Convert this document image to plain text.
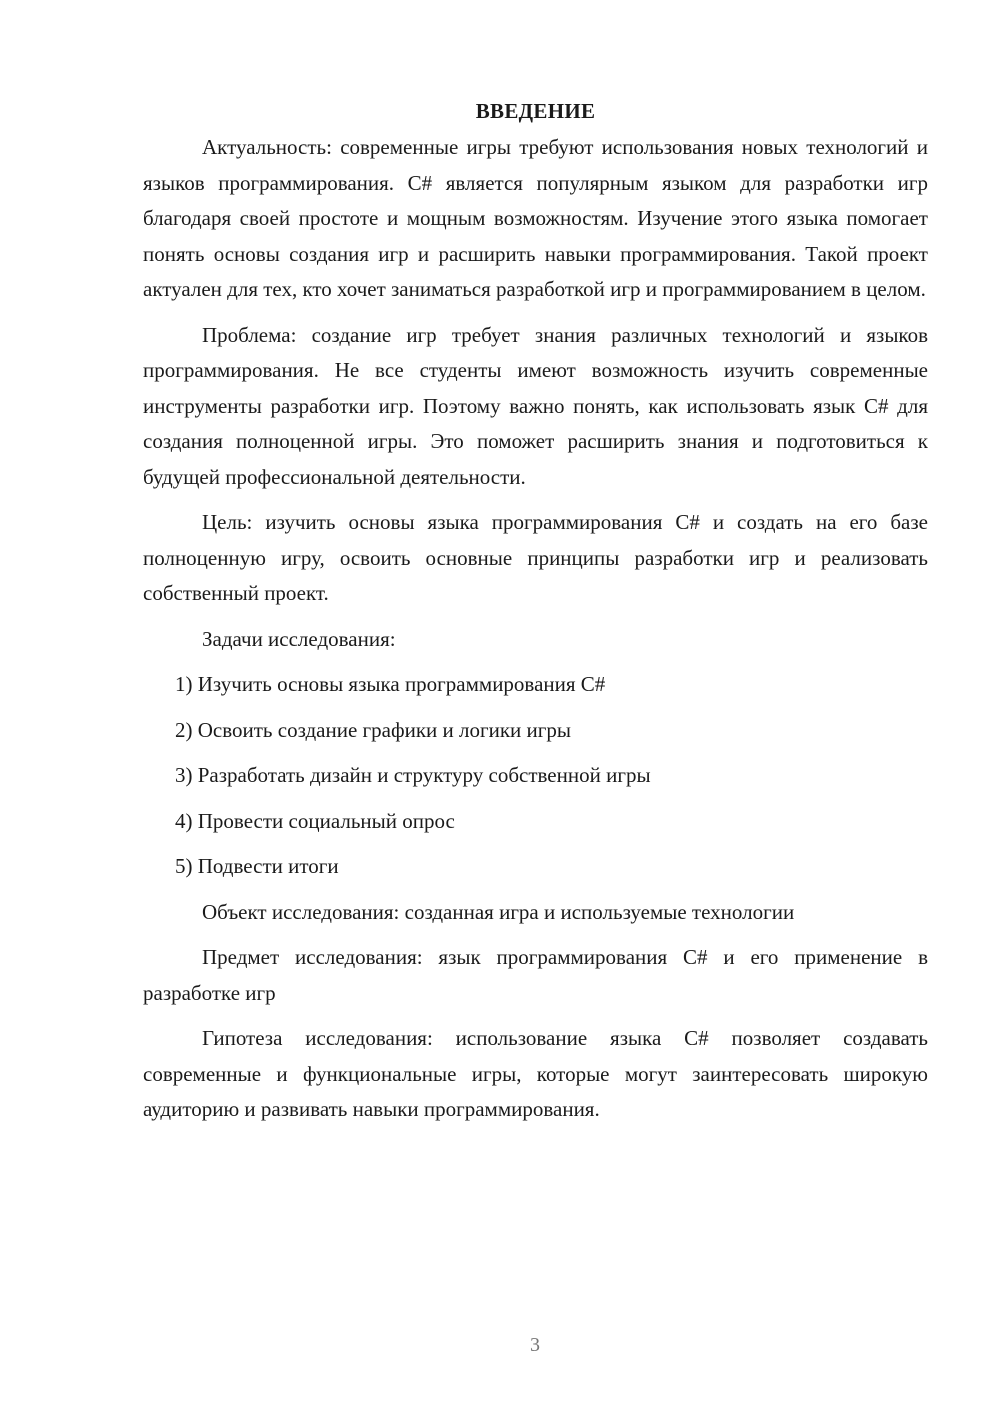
ВВЕДЕНИЕ

Актуальность: современные игры требуют использования новых технологий и языков программирования. C# является популярным языком для разработки игр благодаря своей простоте и мощным возможностям. Изучение этого языка помогает понять основы создания игр и расширить навыки программирования. Такой проект актуален для тех, кто хочет заниматься разработкой игр и программированием в целом.

Проблема: создание игр требует знания различных технологий и языков программирования. Не все студенты имеют возможность изучить современные инструменты разработки игр. Поэтому важно понять, как использовать язык C# для создания полноценной игры. Это поможет расширить знания и подготовиться к будущей профессиональной деятельности.

Цель: изучить основы языка программирования C# и создать на его базе полноценную игру, освоить основные принципы разработки игр и реализовать собственный проект.

Задачи исследования:

1) Изучить основы языка программирования C#

2) Освоить создание графики и логики игры

3) Разработать дизайн и структуру собственной игры

4) Провести социальный опрос

5) Подвести итоги

Объект исследования: созданная игра и используемые технологии

Предмет исследования: язык программирования C# и его применение в разработке игр

Гипотеза исследования: использование языка C# позволяет создавать современные и функциональные игры, которые могут заинтересовать широкую аудиторию и развивать навыки программирования.

3
